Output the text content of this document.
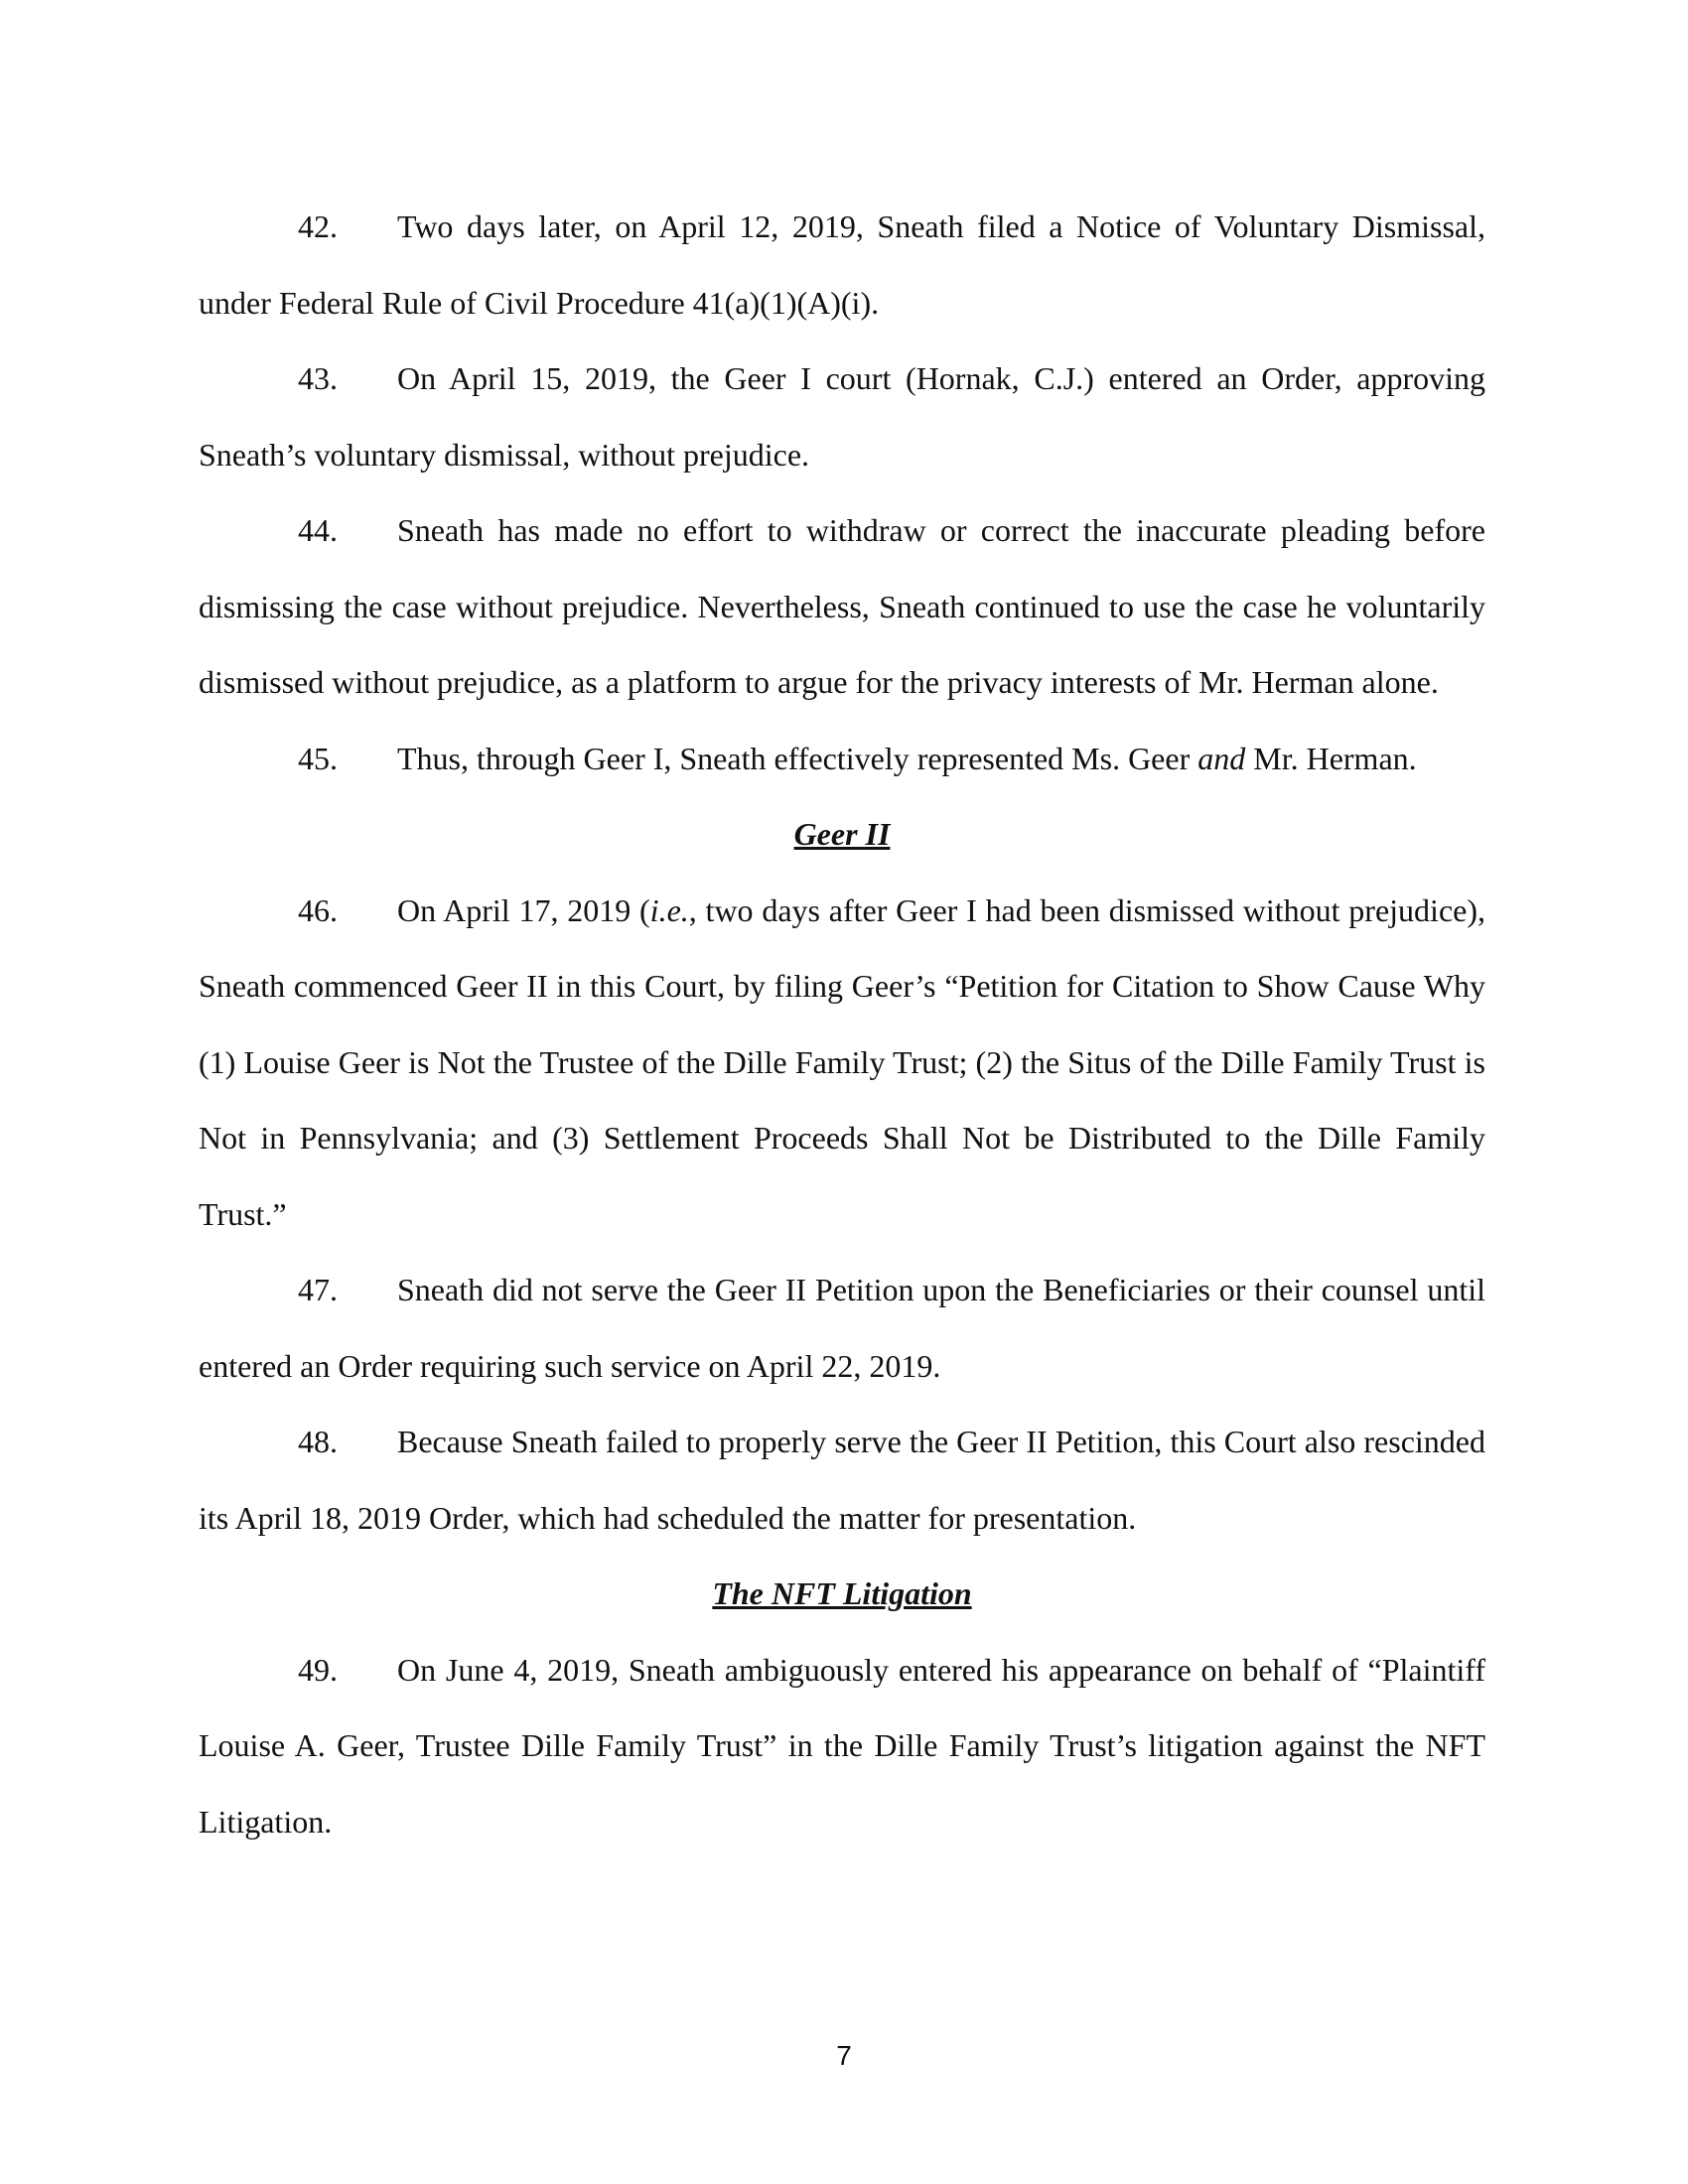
42. Two days later, on April 12, 2019, Sneath filed a Notice of Voluntary Dismissal, under Federal Rule of Civil Procedure 41(a)(1)(A)(i).

43. On April 15, 2019, the Geer I court (Hornak, C.J.) entered an Order, approving Sneath’s voluntary dismissal, without prejudice.

44. Sneath has made no effort to withdraw or correct the inaccurate pleading before dismissing the case without prejudice. Nevertheless, Sneath continued to use the case he voluntarily dismissed without prejudice, as a platform to argue for the privacy interests of Mr. Herman alone.

45. Thus, through Geer I, Sneath effectively represented Ms. Geer and Mr. Herman.

Geer II

46. On April 17, 2019 (i.e., two days after Geer I had been dismissed without prejudice), Sneath commenced Geer II in this Court, by filing Geer’s “Petition for Citation to Show Cause Why (1) Louise Geer is Not the Trustee of the Dille Family Trust; (2) the Situs of the Dille Family Trust is Not in Pennsylvania; and (3) Settlement Proceeds Shall Not be Distributed to the Dille Family Trust.”

47. Sneath did not serve the Geer II Petition upon the Beneficiaries or their counsel until entered an Order requiring such service on April 22, 2019.

48. Because Sneath failed to properly serve the Geer II Petition, this Court also rescinded its April 18, 2019 Order, which had scheduled the matter for presentation.

The NFT Litigation

49. On June 4, 2019, Sneath ambiguously entered his appearance on behalf of “Plaintiff Louise A. Geer, Trustee Dille Family Trust” in the Dille Family Trust’s litigation against the NFT Litigation.

7
